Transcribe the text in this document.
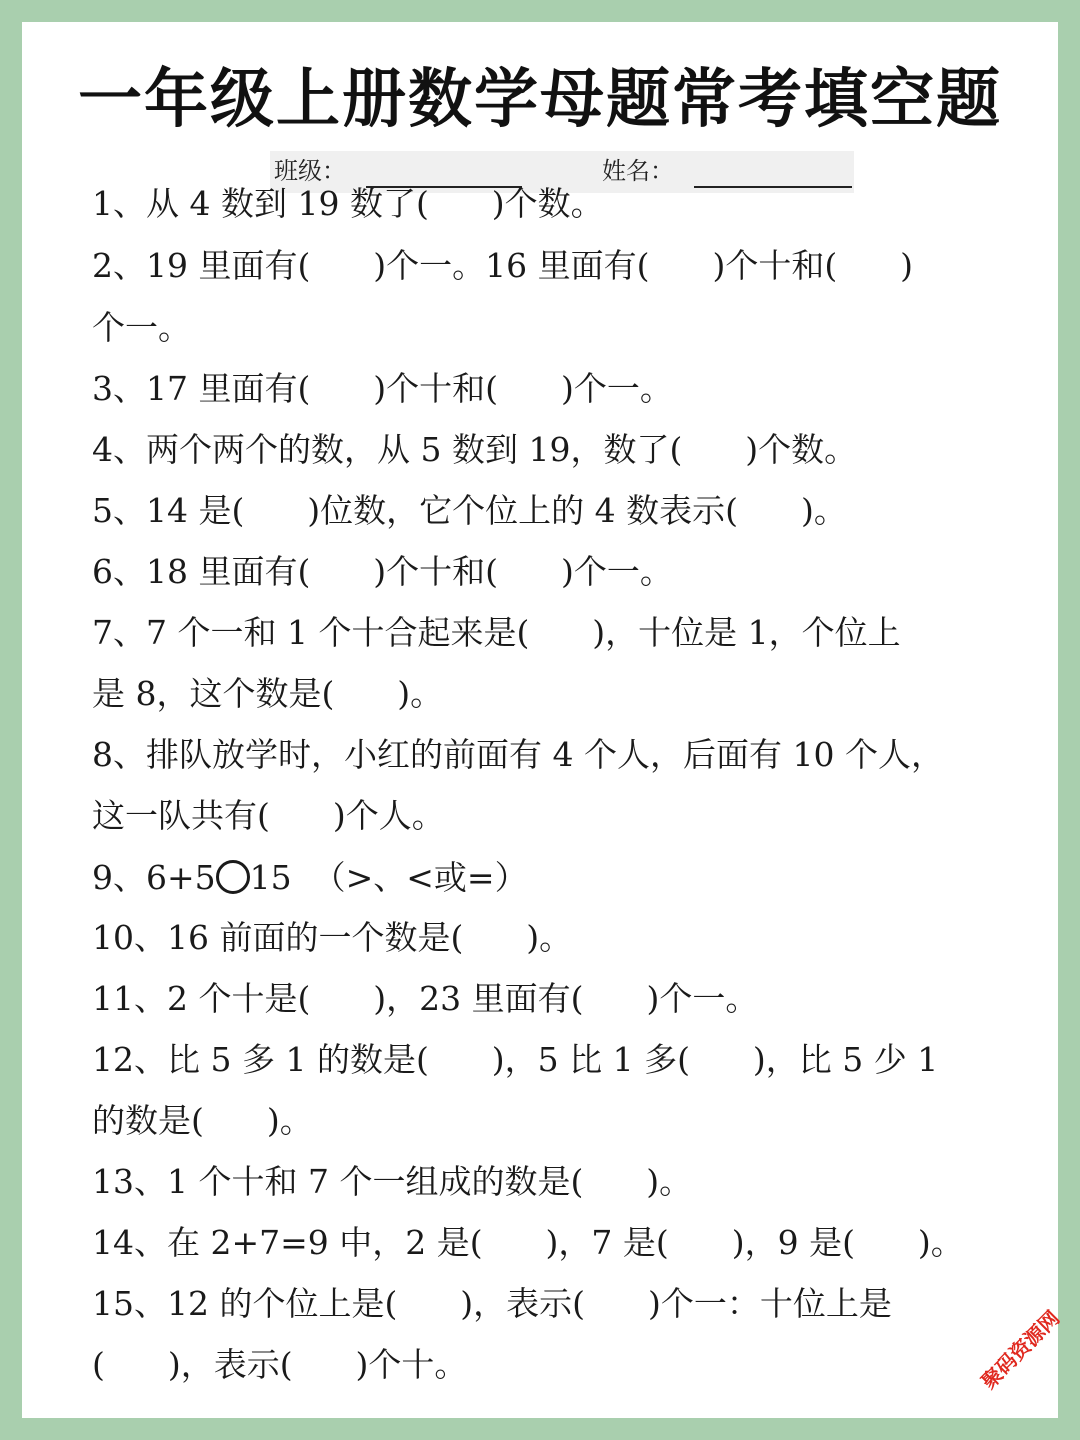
一年级上册数学母题常考填空题
班级：	姓名：
1、从 4 数到 19 数了(      )个数。
2、19 里面有(      )个一。16 里面有(      )个十和(      )
个一。
3、17 里面有(      )个十和(      )个一。
4、两个两个的数，从 5 数到 19，数了(      )个数。
5、14 是(      )位数，它个位上的 4 数表示(      )。
6、18 里面有(      )个十和(      )个一。
7、7 个一和 1 个十合起来是(      )，十位是 1，个位上
是 8，这个数是(      )。
8、排队放学时，小红的前面有 4 个人，后面有 10 个人，
这一队共有(      )个人。
9、6+5 15  （>、<或=）
10、16 前面的一个数是(      )。
11、2 个十是(      )，23 里面有(      )个一。
12、比 5 多 1 的数是(      )，5 比 1 多(      )，比 5 少 1
的数是(      )。
13、1 个十和 7 个一组成的数是(      )。
14、在 2+7=9 中，2 是(      )，7 是(      )，9 是(      )。
15、12 的个位上是(      )，表示(      )个一：十位上是
(      )，表示(      )个十。	聚码资源网
